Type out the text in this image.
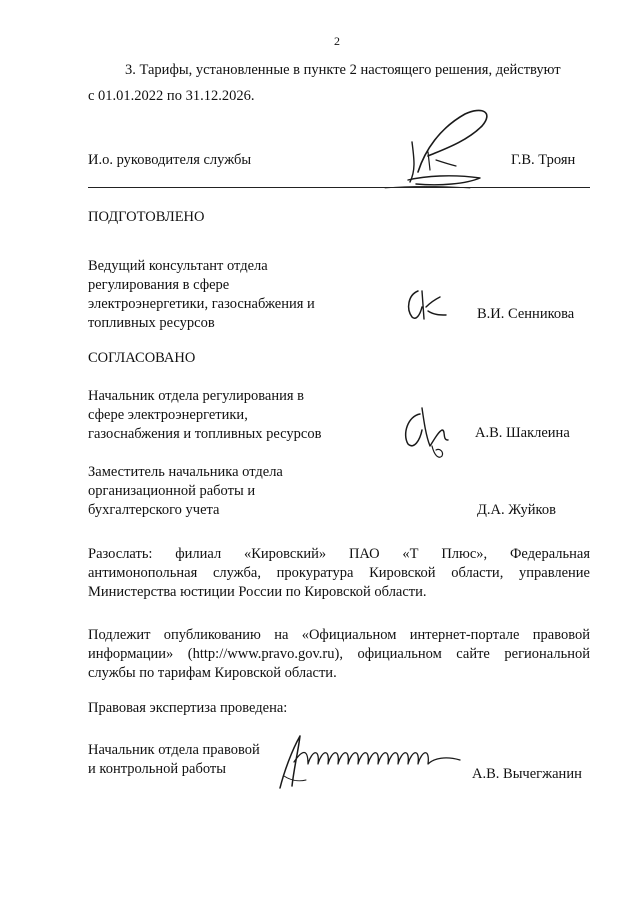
2
3. Тарифы, установленные в пункте 2 настоящего решения, действуют
с 01.01.2022 по 31.12.2026.
И.о. руководителя службы	Г.В. Троян
ПОДГОТОВЛЕНО
Ведущий консультант отдела
регулирования в сфере
электроэнергетики, газоснабжения и
топливных ресурсов
В.И. Сенникова
СОГЛАСОВАНО
Начальник отдела регулирования в
сфере электроэнергетики,
газоснабжения и топливных ресурсов	А.В. Шаклеина
Заместитель начальника отдела
организационной работы и
бухгалтерского учета	Д.А. Жуйков
Разослать: филиал «Кировский» ПАО «Т Плюс», Федеральная
антимонопольная служба, прокуратура Кировской области, управление
Министерства юстиции России по Кировской области.
Подлежит опубликованию на «Официальном интернет-портале правовой
информации» (http://www.pravo.gov.ru), официальном сайте региональной
службы по тарифам Кировской области.
Правовая экспертиза проведена:
Начальник отдела правовой
и контрольной работы	А.В. Вычегжанин
